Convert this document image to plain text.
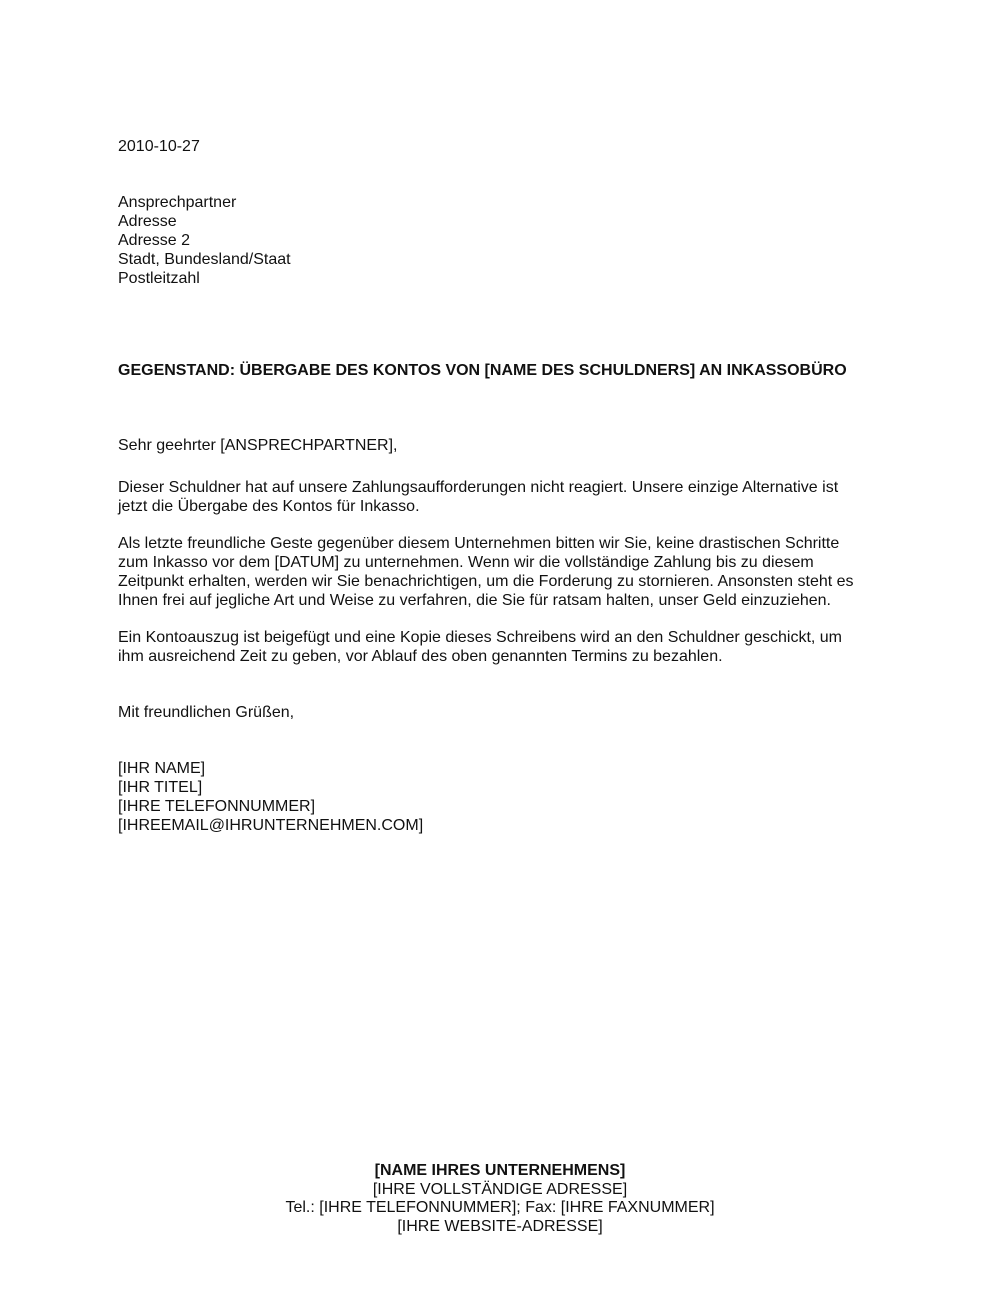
2010-10-27
Ansprechpartner
Adresse
Adresse 2
Stadt, Bundesland/Staat
Postleitzahl
GEGENSTAND: ÜBERGABE DES KONTOS VON [NAME DES SCHULDNERS] AN INKASSOBÜRO
Sehr geehrter [ANSPRECHPARTNER],
Dieser Schuldner hat auf unsere Zahlungsaufforderungen nicht reagiert. Unsere einzige Alternative ist
jetzt die Übergabe des Kontos für Inkasso.
Als letzte freundliche Geste gegenüber diesem Unternehmen bitten wir Sie, keine drastischen Schritte
zum Inkasso vor dem [DATUM] zu unternehmen. Wenn wir die vollständige Zahlung bis zu diesem
Zeitpunkt erhalten, werden wir Sie benachrichtigen, um die Forderung zu stornieren. Ansonsten steht es
Ihnen frei auf jegliche Art und Weise zu verfahren, die Sie für ratsam halten, unser Geld einzuziehen.
Ein Kontoauszug ist beigefügt und eine Kopie dieses Schreibens wird an den Schuldner geschickt, um
ihm ausreichend Zeit zu geben, vor Ablauf des oben genannten Termins zu bezahlen.
Mit freundlichen Grüßen,
[IHR NAME]
[IHR TITEL]
[IHRE TELEFONNUMMER]
[IHREEMAIL@IHRUNTERNEHMEN.COM]
[NAME IHRES UNTERNEHMENS]
[IHRE VOLLSTÄNDIGE ADRESSE]
Tel.: [IHRE TELEFONNUMMER]; Fax: [IHRE FAXNUMMER]
[IHRE WEBSITE-ADRESSE]
